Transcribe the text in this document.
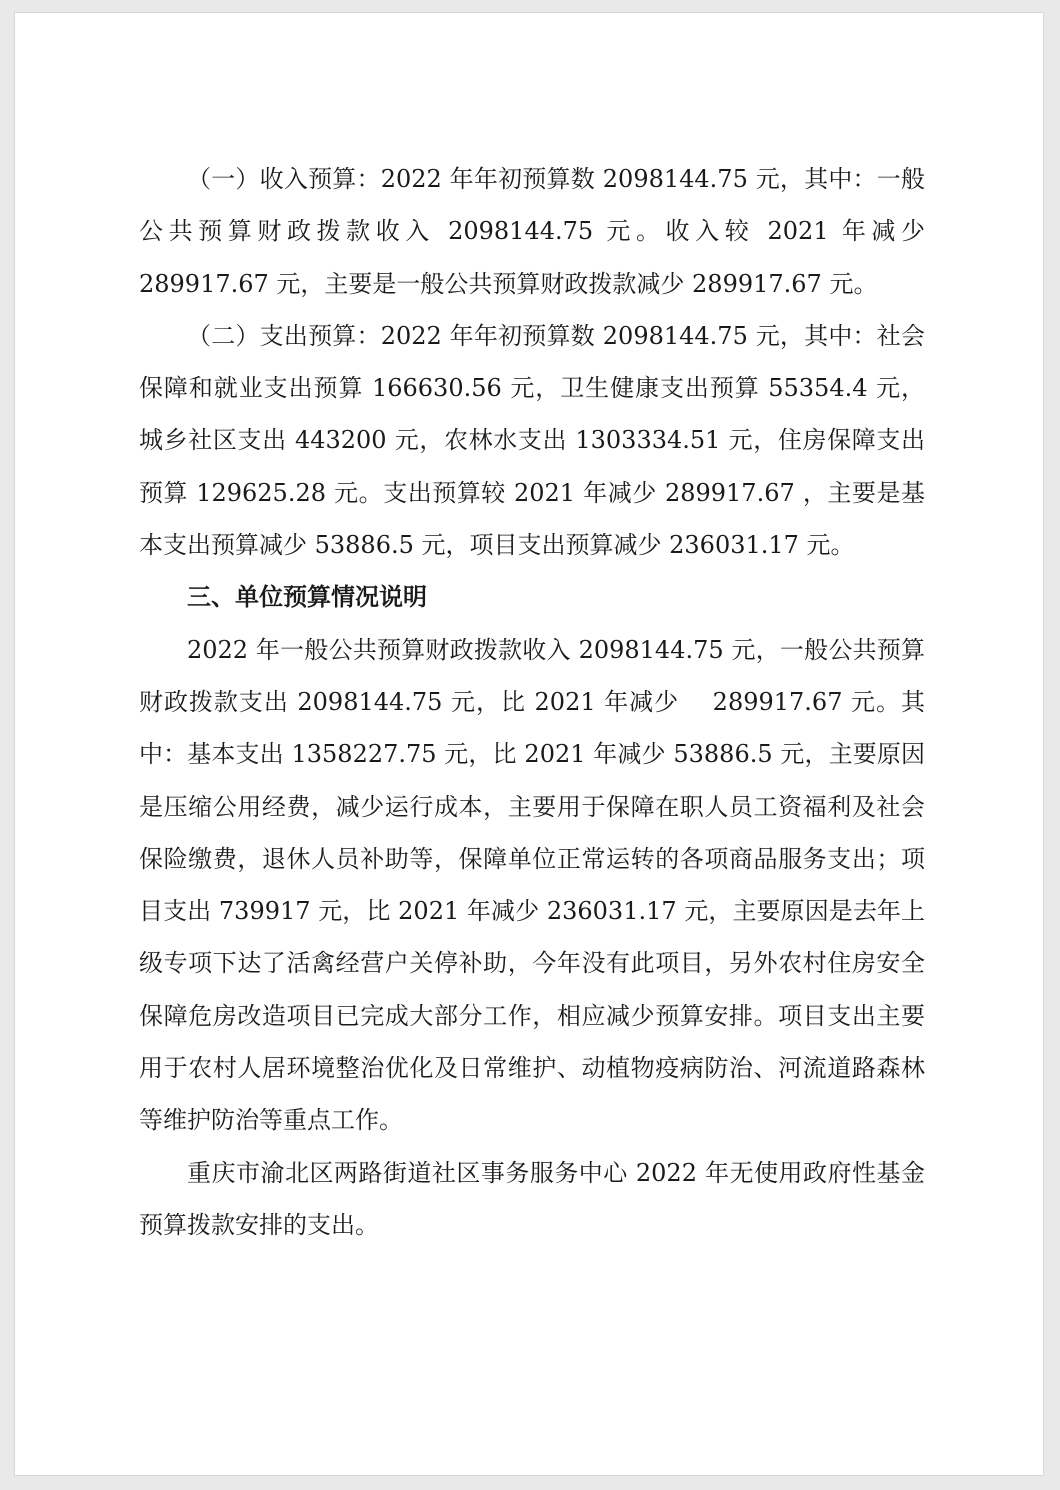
（一）收入预算：2022 年年初预算数 2098144.75 元，其中：一般公共预算财政拨款收入 2098144.75 元。收入较 2021 年减少 289917.67 元，主要是一般公共预算财政拨款减少 289917.67 元。

（二）支出预算：2022 年年初预算数 2098144.75 元，其中：社会保障和就业支出预算 166630.56 元，卫生健康支出预算 55354.4 元，城乡社区支出 443200 元，农林水支出 1303334.51 元，住房保障支出预算 129625.28 元。支出预算较 2021 年减少 289917.67 ，主要是基本支出预算减少 53886.5 元，项目支出预算减少 236031.17 元。

三、单位预算情况说明

2022 年一般公共预算财政拨款收入 2098144.75 元，一般公共预算财政拨款支出 2098144.75 元，比 2021 年减少　 289917.67 元。其中：基本支出 1358227.75 元，比 2021 年减少 53886.5 元，主要原因是压缩公用经费，减少运行成本，主要用于保障在职人员工资福利及社会保险缴费，退休人员补助等，保障单位正常运转的各项商品服务支出；项目支出 739917 元，比 2021 年减少 236031.17 元，主要原因是去年上级专项下达了活禽经营户关停补助，今年没有此项目，另外农村住房安全保障危房改造项目已完成大部分工作，相应减少预算安排。项目支出主要用于农村人居环境整治优化及日常维护、动植物疫病防治、河流道路森林等维护防治等重点工作。

重庆市渝北区两路街道社区事务服务中心 2022 年无使用政府性基金预算拨款安排的支出。
